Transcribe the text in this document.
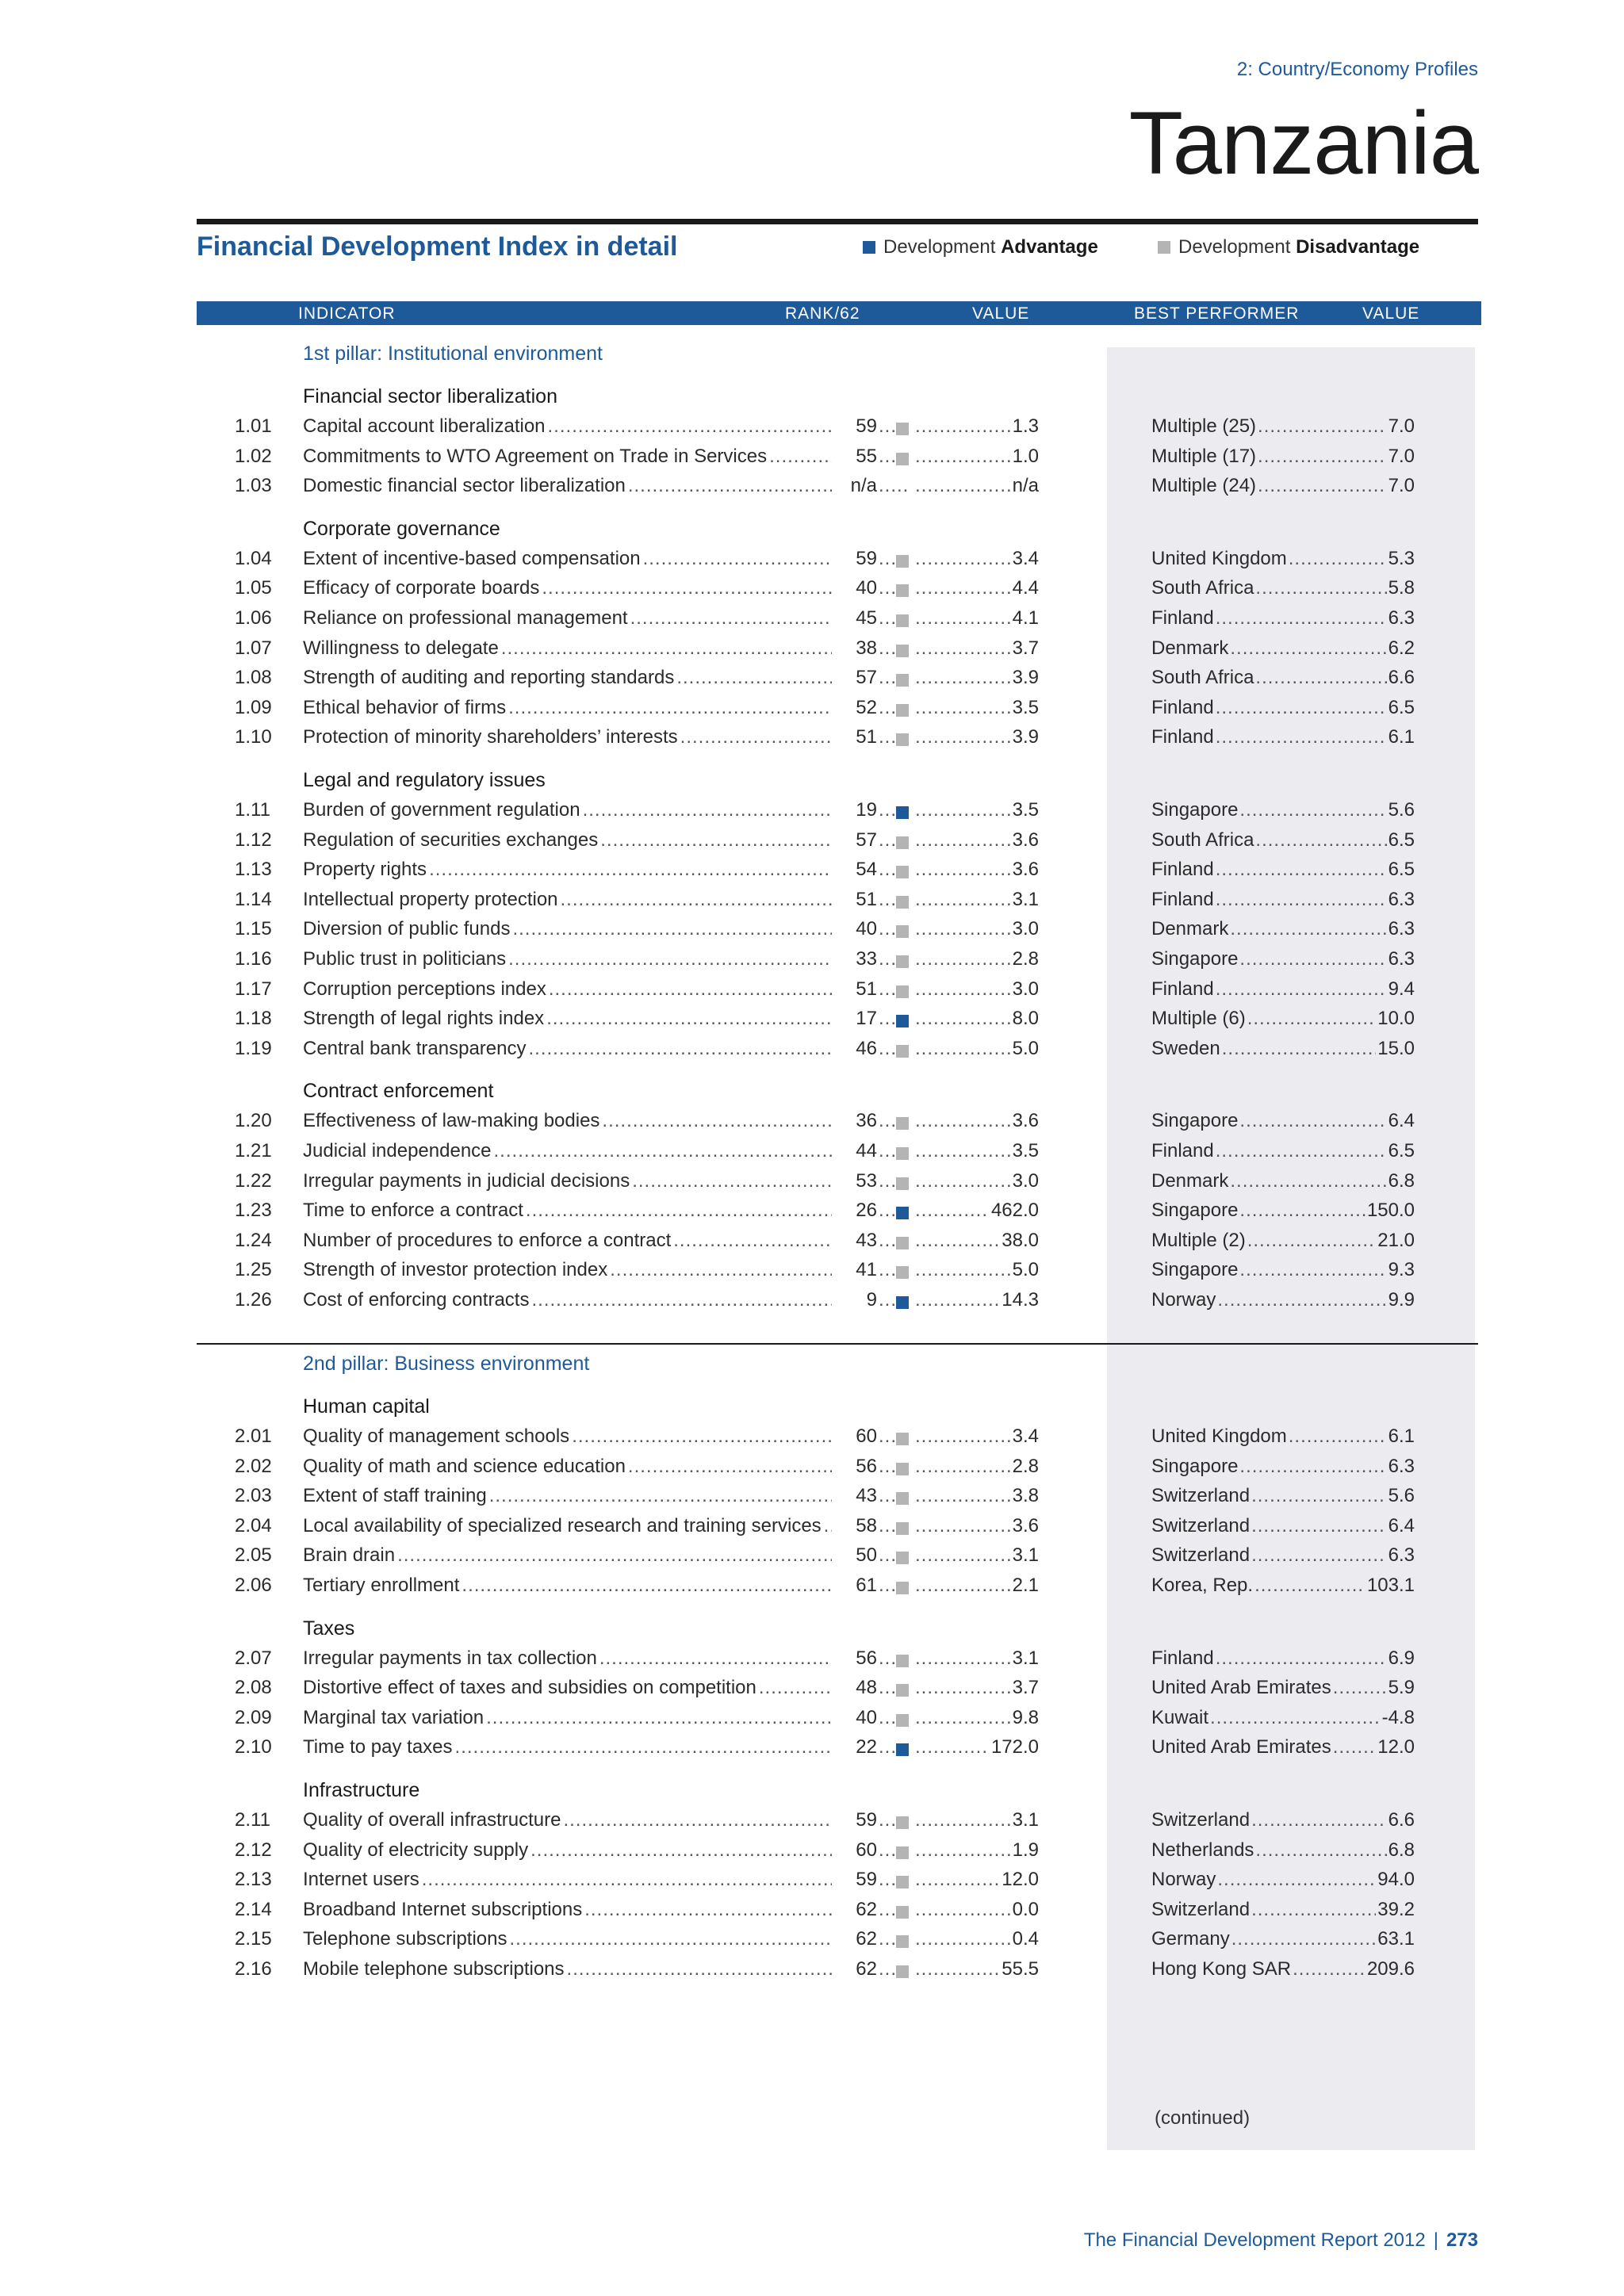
2: Country/Economy Profiles
Tanzania
Financial Development Index in detail	Development Advantage	Development Disadvantage
INDICATOR	RANK/62	VALUE	BEST PERFORMER	VALUE
1st pillar: Institutional environment
Financial sector liberalization
1.01 Capital account liberalization .....	59 ..... .....	1.3	Multiple (25) .....	7.0
1.02 Commitments to WTO Agreement on Trade in Services .....	55 ..... .....	1.0	Multiple (17) .....	7.0
1.03 Domestic financial sector liberalization .....	n/a ..... .....	n/a	Multiple (24) .....	7.0
Corporate governance
1.04 Extent of incentive-based compensation .....	59 ..... .....	3.4	United Kingdom .....	5.3
1.05 Efficacy of corporate boards .....	40 ..... .....	4.4	South Africa .....	5.8
1.06 Reliance on professional management .....	45 ..... .....	4.1	Finland .....	6.3
1.07 Willingness to delegate .....	38 ..... .....	3.7	Denmark .....	6.2
1.08 Strength of auditing and reporting standards .....	57 ..... .....	3.9	South Africa .....	6.6
1.09 Ethical behavior of firms .....	52 ..... .....	3.5	Finland .....	6.5
1.10 Protection of minority shareholders’ interests .....	51 ..... .....	3.9	Finland .....	6.1
Legal and regulatory issues
1.11 Burden of government regulation .....	19 ..... .....	3.5	Singapore .....	5.6
1.12 Regulation of securities exchanges .....	57 ..... .....	3.6	South Africa .....	6.5
1.13 Property rights .....	54 ..... .....	3.6	Finland .....	6.5
1.14 Intellectual property protection .....	51 ..... .....	3.1	Finland .....	6.3
1.15 Diversion of public funds .....	40 ..... .....	3.0	Denmark .....	6.3
1.16 Public trust in politicians .....	33 ..... .....	2.8	Singapore .....	6.3
1.17 Corruption perceptions index .....	51 ..... .....	3.0	Finland .....	9.4
1.18 Strength of legal rights index .....	17 ..... .....	8.0	Multiple (6) .....	10.0
1.19 Central bank transparency .....	46 ..... .....	5.0	Sweden .....	15.0
Contract enforcement
1.20 Effectiveness of law-making bodies .....	36 ..... .....	3.6	Singapore .....	6.4
1.21 Judicial independence .....	44 ..... .....	3.5	Finland .....	6.5
1.22 Irregular payments in judicial decisions .....	53 ..... .....	3.0	Denmark .....	6.8
1.23 Time to enforce a contract .....	26 ..... .....	462.0	Singapore .....	150.0
1.24 Number of procedures to enforce a contract .....	43 ..... .....	38.0	Multiple (2) .....	21.0
1.25 Strength of investor protection index .....	41 ..... .....	5.0	Singapore .....	9.3
1.26 Cost of enforcing contracts .....	9 ..... .....	14.3	Norway .....	9.9
2nd pillar: Business environment
Human capital
2.01 Quality of management schools .....	60 ..... .....	3.4	United Kingdom .....	6.1
2.02 Quality of math and science education .....	56 ..... .....	2.8	Singapore .....	6.3
2.03 Extent of staff training .....	43 ..... .....	3.8	Switzerland .....	5.6
2.04 Local availability of specialized research and training services .....	58 ..... .....	3.6	Switzerland .....	6.4
2.05 Brain drain .....	50 ..... .....	3.1	Switzerland .....	6.3
2.06 Tertiary enrollment .....	61 ..... .....	2.1	Korea, Rep. .....	103.1
Taxes
2.07 Irregular payments in tax collection .....	56 ..... .....	3.1	Finland .....	6.9
2.08 Distortive effect of taxes and subsidies on competition .....	48 ..... .....	3.7	United Arab Emirates .....	5.9
2.09 Marginal tax variation .....	40 ..... .....	9.8	Kuwait .....	-4.8
2.10 Time to pay taxes .....	22 ..... .....	172.0	United Arab Emirates ..... 12.0
Infrastructure
2.11 Quality of overall infrastructure .....	59 ..... .....	3.1	Switzerland .....	6.6
2.12 Quality of electricity supply .....	60 ..... .....	1.9	Netherlands .....	6.8
2.13 Internet users .....	59 ..... .....	12.0	Norway .....	94.0
2.14 Broadband Internet subscriptions .....	62 ..... .....	0.0	Switzerland .....	39.2
2.15 Telephone subscriptions .....	62 ..... .....	0.4	Germany .....	63.1
2.16 Mobile telephone subscriptions .....	62 ..... .....	55.5	Hong Kong SAR .....	209.6
(continued)
The Financial Development Report 2012 | 273
